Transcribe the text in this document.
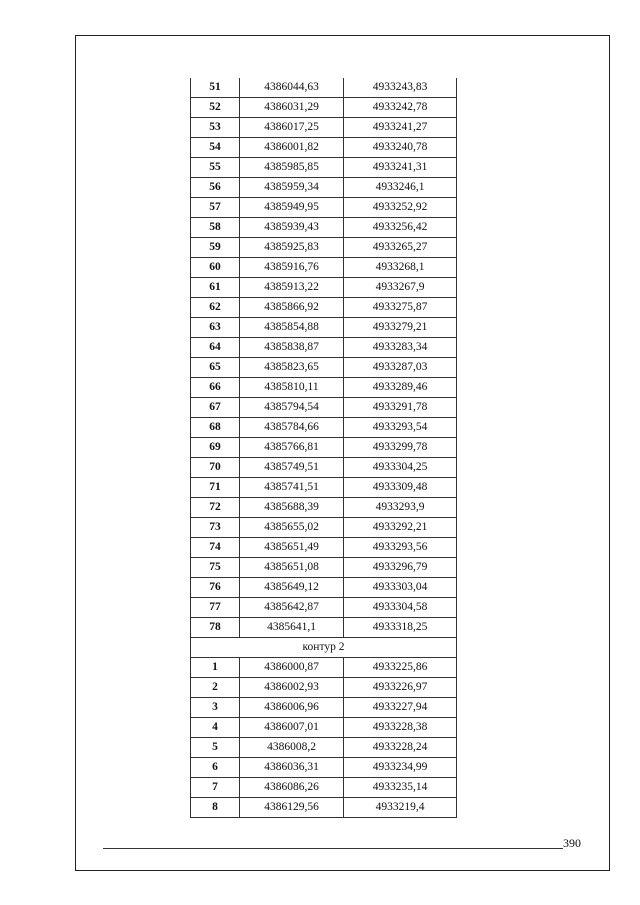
51	4386044,63	4933243,83
52	4386031,29	4933242,78
53	4386017,25	4933241,27
54	4386001,82	4933240,78
55	4385985,85	4933241,31
56	4385959,34	4933246,1
57	4385949,95	4933252,92
58	4385939,43	4933256,42
59	4385925,83	4933265,27
60	4385916,76	4933268,1
61	4385913,22	4933267,9
62	4385866,92	4933275,87
63	4385854,88	4933279,21
64	4385838,87	4933283,34
65	4385823,65	4933287,03
66	4385810,11	4933289,46
67	4385794,54	4933291,78
68	4385784,66	4933293,54
69	4385766,81	4933299,78
70	4385749,51	4933304,25
71	4385741,51	4933309,48
72	4385688,39	4933293,9
73	4385655,02	4933292,21
74	4385651,49	4933293,56
75	4385651,08	4933296,79
76	4385649,12	4933303,04
77	4385642,87	4933304,58
78	4385641,1	4933318,25
контур 2		
1	4386000,87	4933225,86
2	4386002,93	4933226,97
3	4386006,96	4933227,94
4	4386007,01	4933228,38
5	4386008,2	4933228,24
6	4386036,31	4933234,99
7	4386086,26	4933235,14
8	4386129,56	4933219,4
390
